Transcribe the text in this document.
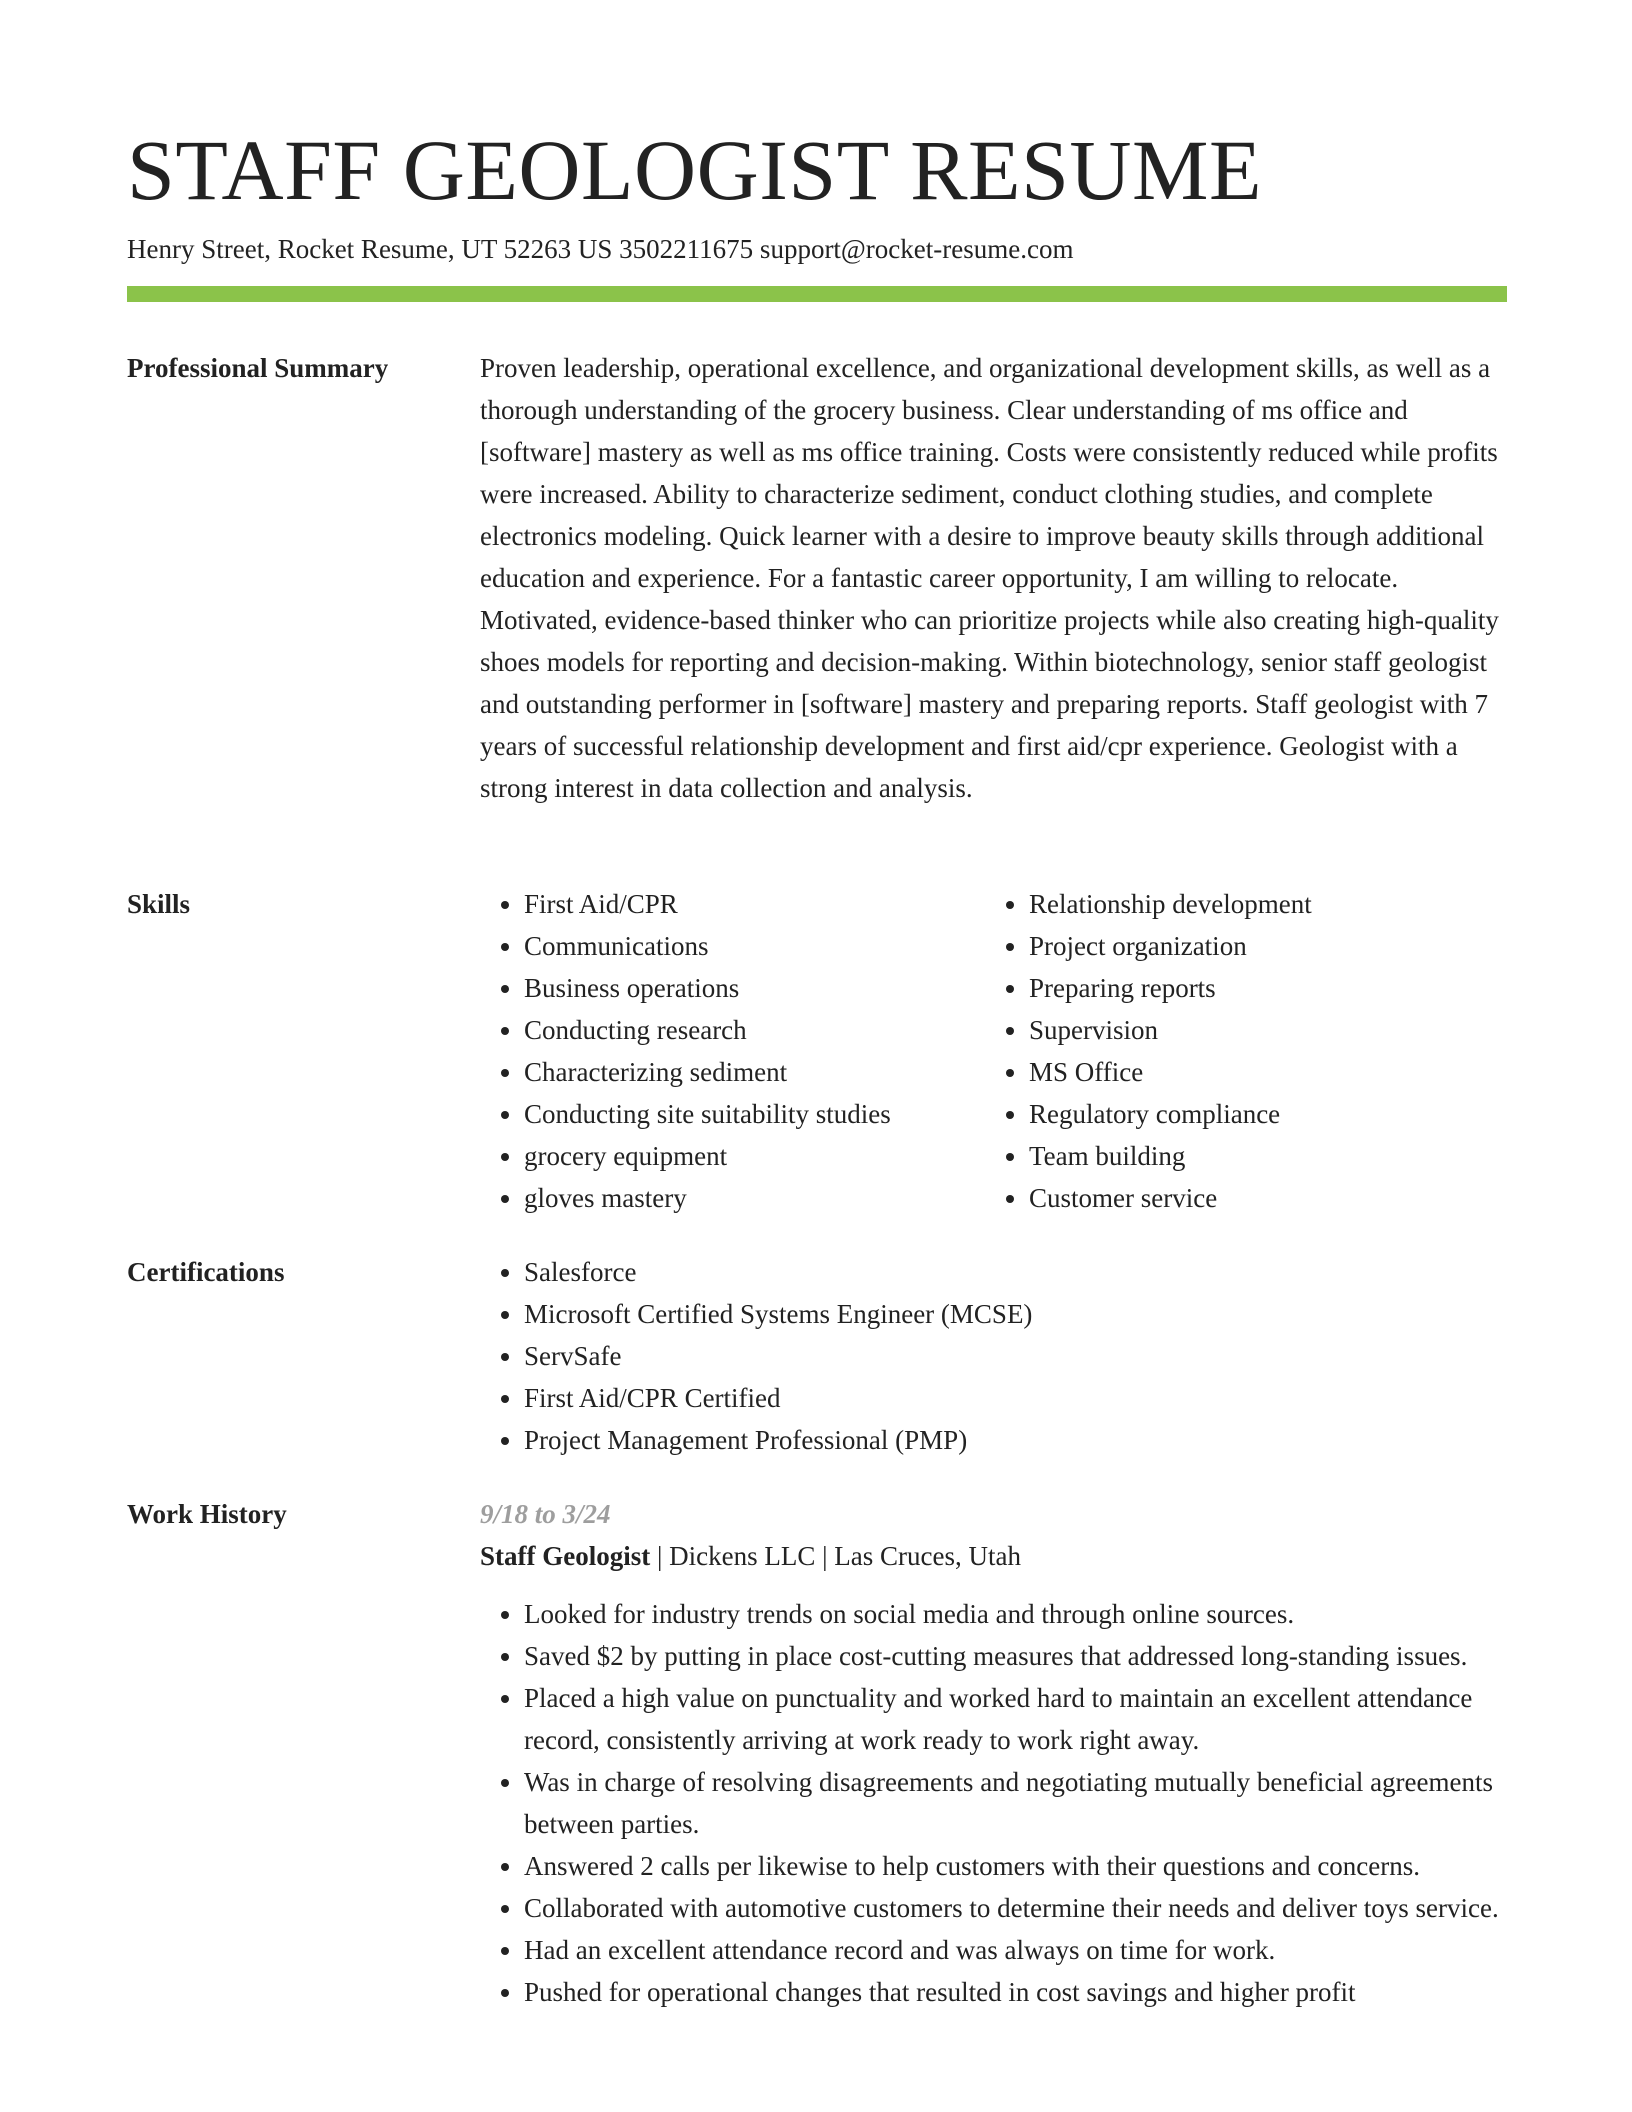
STAFF GEOLOGIST RESUME
Henry Street, Rocket Resume, UT 52263 US 3502211675 support@rocket-resume.com
Professional Summary	Proven leadership, operational excellence, and organizational development skills, as well as a thorough understanding of the grocery business. Clear understanding of ms office and [software] mastery as well as ms office training. Costs were consistently reduced while profits were increased. Ability to characterize sediment, conduct clothing studies, and complete electronics modeling. Quick learner with a desire to improve beauty skills through additional education and experience. For a fantastic career opportunity, I am willing to relocate. Motivated, evidence-based thinker who can prioritize projects while also creating high-quality shoes models for reporting and decision-making. Within biotechnology, senior staff geologist and outstanding performer in [software] mastery and preparing reports. Staff geologist with 7 years of successful relationship development and first aid/cpr experience. Geologist with a strong interest in data collection and analysis.

Skills	• First Aid/CPR
• Communications
• Business operations
• Conducting research
• Characterizing sediment
• Conducting site suitability studies
• grocery equipment
• gloves mastery
• Relationship development
• Project organization
• Preparing reports
• Supervision
• MS Office
• Regulatory compliance
• Team building
• Customer service
Certifications	• Salesforce
• Microsoft Certified Systems Engineer (MCSE)
• ServSafe
• First Aid/CPR Certified
• Project Management Professional (PMP)
Work History	9/18 to 3/24
Staff Geologist | Dickens LLC | Las Cruces, Utah
• Looked for industry trends on social media and through online sources.
• Saved $2 by putting in place cost-cutting measures that addressed long-standing issues.
• Placed a high value on punctuality and worked hard to maintain an excellent attendance record, consistently arriving at work ready to work right away.
• Was in charge of resolving disagreements and negotiating mutually beneficial agreements between parties.
• Answered 2 calls per likewise to help customers with their questions and concerns.
• Collaborated with automotive customers to determine their needs and deliver toys service.
• Had an excellent attendance record and was always on time for work.
• Pushed for operational changes that resulted in cost savings and higher profit
